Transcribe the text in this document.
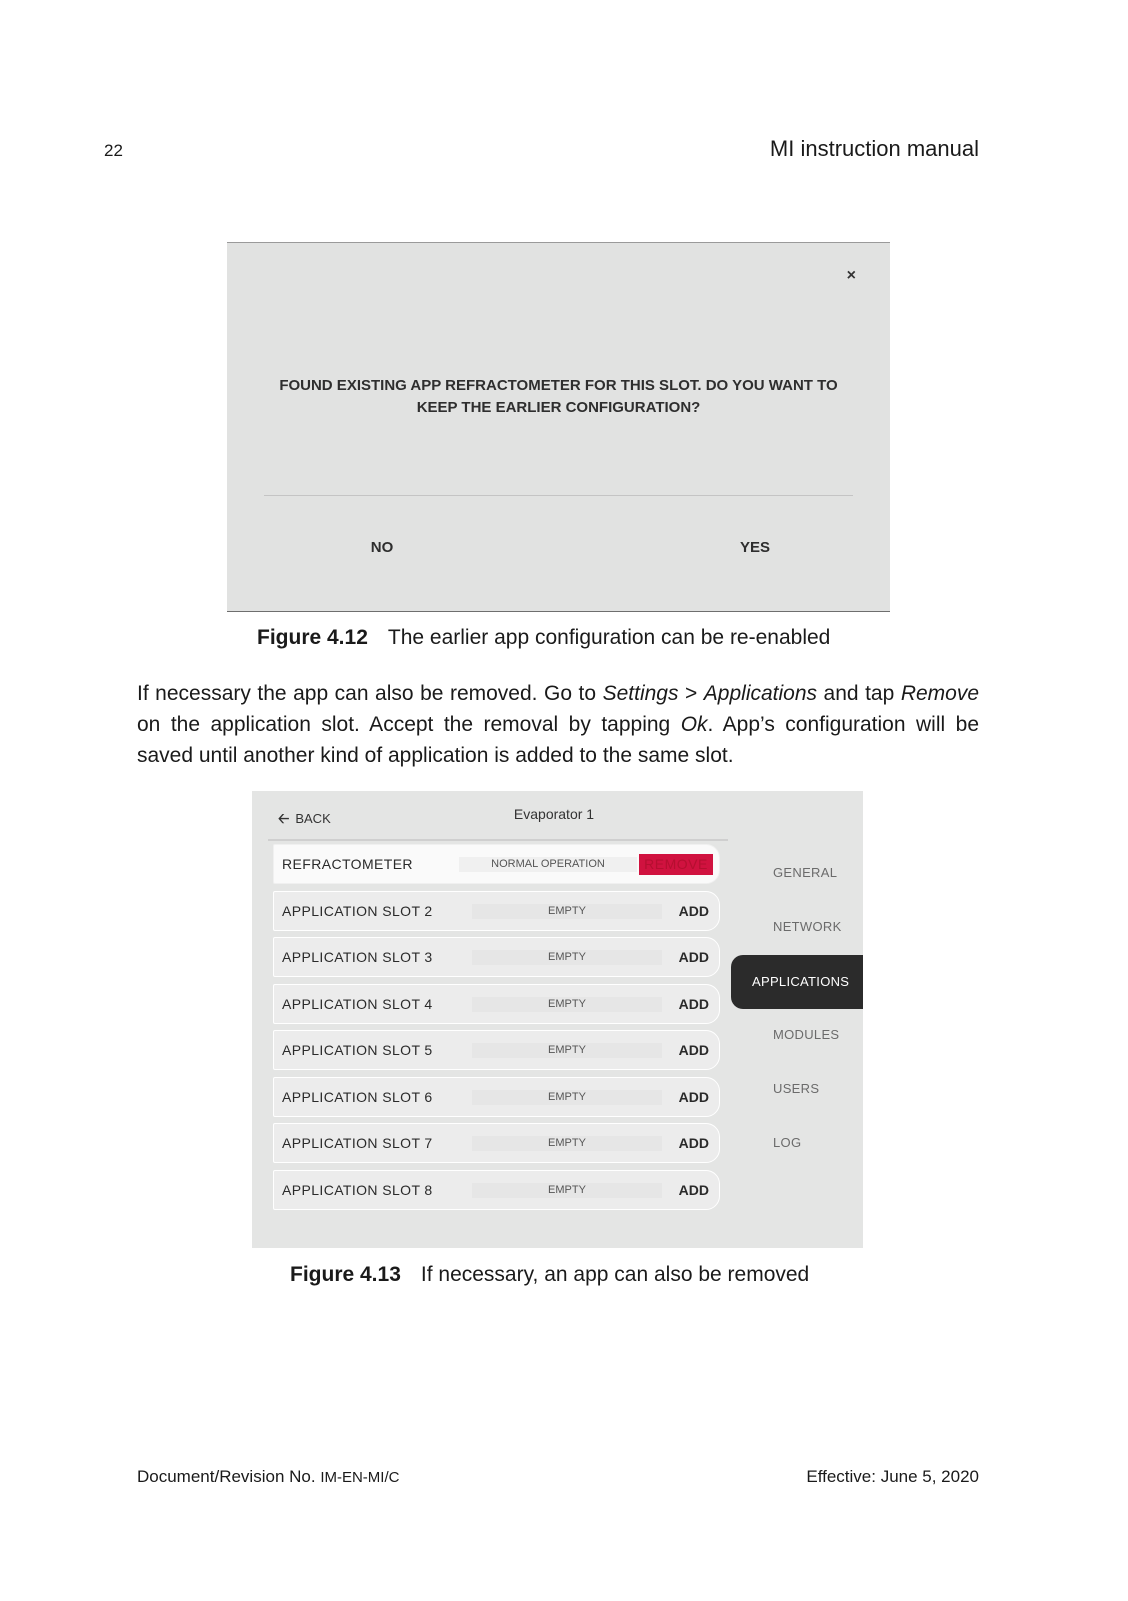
22	MI instruction manual
×
FOUND EXISTING APP REFRACTOMETER FOR THIS SLOT. DO YOU WANT TO KEEP THE EARLIER CONFIGURATION?
NO	YES
Figure 4.12 The earlier app configuration can be re-enabled

If necessary the app can also be removed. Go to Settings > Applications and tap Remove on the application slot. Accept the removal by tapping Ok. App’s configuration will be saved until another kind of application is added to the same slot.

🡠 BACK	Evaporator 1
REFRACTOMETER	NORMAL OPERATION	REMOVE
APPLICATION SLOT 2	EMPTY	ADD
APPLICATION SLOT 3	EMPTY	ADD
APPLICATION SLOT 4	EMPTY	ADD
APPLICATION SLOT 5	EMPTY	ADD
APPLICATION SLOT 6	EMPTY	ADD
APPLICATION SLOT 7	EMPTY	ADD
APPLICATION SLOT 8	EMPTY	ADD
GENERAL
NETWORK
APPLICATIONS
MODULES
USERS
LOG
Figure 4.13 If necessary, an app can also be removed
Document/Revision No. IM-EN-MI/C	Effective: June 5, 2020
